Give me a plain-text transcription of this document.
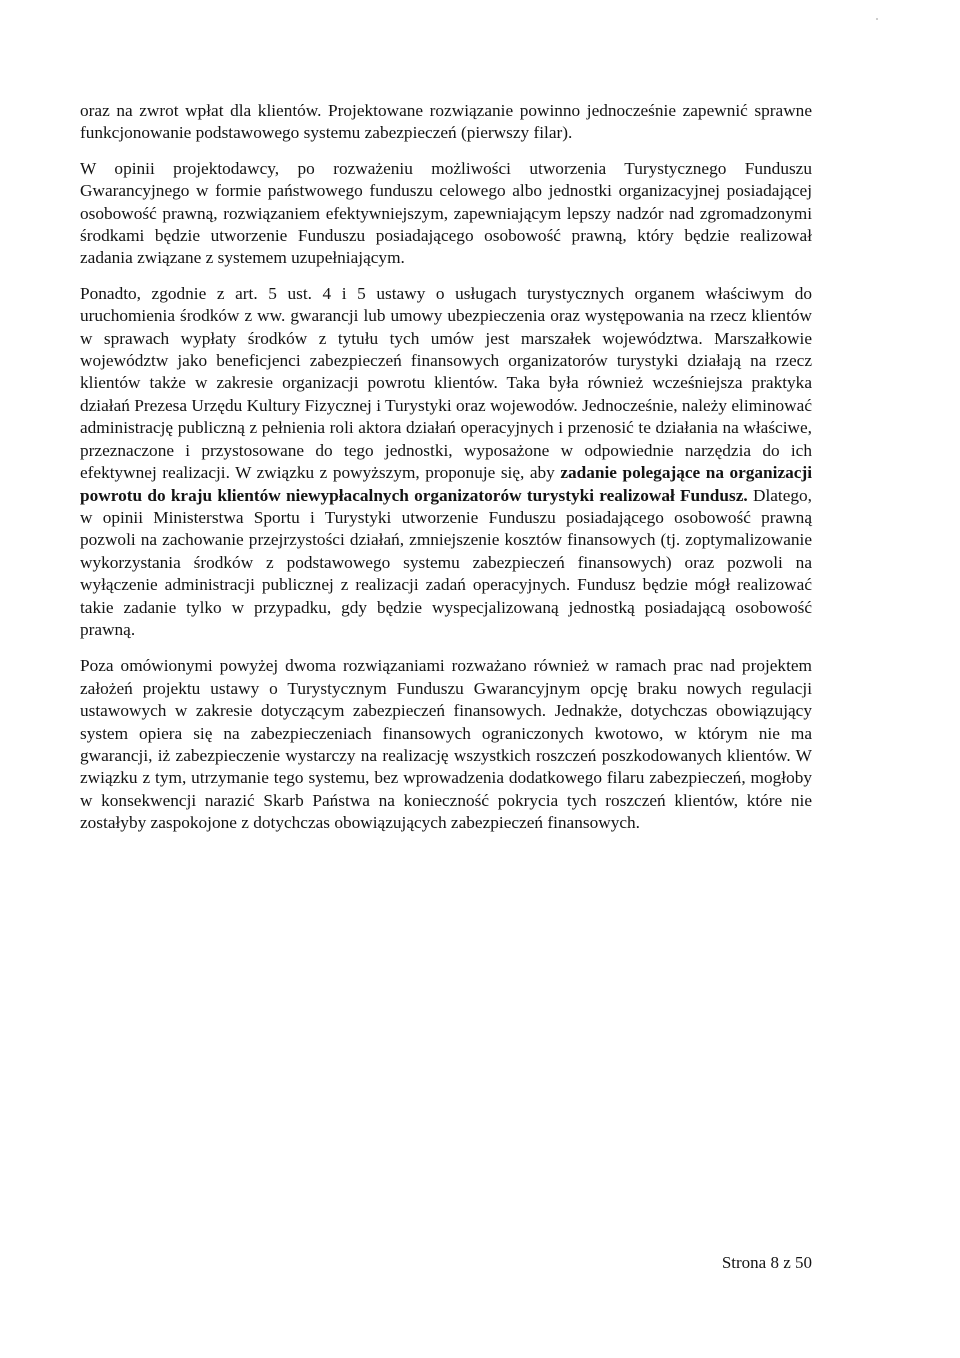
oraz na zwrot wpłat dla klientów. Projektowane rozwiązanie powinno jednocześnie zapewnić sprawne funkcjonowanie podstawowego systemu zabezpieczeń (pierwszy filar).

W opinii projektodawcy, po rozważeniu możliwości utworzenia Turystycznego Funduszu Gwarancyjnego w formie państwowego funduszu celowego albo jednostki organizacyjnej posiadającej osobowość prawną, rozwiązaniem efektywniejszym, zapewniającym lepszy nadzór nad zgromadzonymi środkami będzie utworzenie Funduszu posiadającego osobowość prawną, który będzie realizował zadania związane z systemem uzupełniającym.

Ponadto, zgodnie z art. 5 ust. 4 i 5 ustawy o usługach turystycznych organem właściwym do uruchomienia środków z ww. gwarancji lub umowy ubezpieczenia oraz występowania na rzecz klientów w sprawach wypłaty środków z tytułu tych umów jest marszałek województwa. Marszałkowie województw jako beneficjenci zabezpieczeń finansowych organizatorów turystyki działają na rzecz klientów także w zakresie organizacji powrotu klientów. Taka była również wcześniejsza praktyka działań Prezesa Urzędu Kultury Fizycznej i Turystyki oraz wojewodów. Jednocześnie, należy eliminować administrację publiczną z pełnienia roli aktora działań operacyjnych i przenosić te działania na właściwe, przeznaczone i przystosowane do tego jednostki, wyposażone w odpowiednie narzędzia do ich efektywnej realizacji. W związku z powyższym, proponuje się, aby zadanie polegające na organizacji powrotu do kraju klientów niewypłacalnych organizatorów turystyki realizował Fundusz. Dlatego, w opinii Ministerstwa Sportu i Turystyki utworzenie Funduszu posiadającego osobowość prawną pozwoli na zachowanie przejrzystości działań, zmniejszenie kosztów finansowych (tj. zoptymalizowanie wykorzystania środków z podstawowego systemu zabezpieczeń finansowych) oraz pozwoli na wyłączenie administracji publicznej z realizacji zadań operacyjnych. Fundusz będzie mógł realizować takie zadanie tylko w przypadku, gdy będzie wyspecjalizowaną jednostką posiadającą osobowość prawną.

Poza omówionymi powyżej dwoma rozwiązaniami rozważano również w ramach prac nad projektem założeń projektu ustawy o Turystycznym Funduszu Gwarancyjnym opcję braku nowych regulacji ustawowych w zakresie dotyczącym zabezpieczeń finansowych. Jednakże, dotychczas obowiązujący system opiera się na zabezpieczeniach finansowych ograniczonych kwotowo, w którym nie ma gwarancji, iż zabezpieczenie wystarczy na realizację wszystkich roszczeń poszkodowanych klientów. W związku z tym, utrzymanie tego systemu, bez wprowadzenia dodatkowego filaru zabezpieczeń, mogłoby w konsekwencji narazić Skarb Państwa na konieczność pokrycia tych roszczeń klientów, które nie zostałyby zaspokojone z dotychczas obowiązujących zabezpieczeń finansowych.

Strona 8 z 50
